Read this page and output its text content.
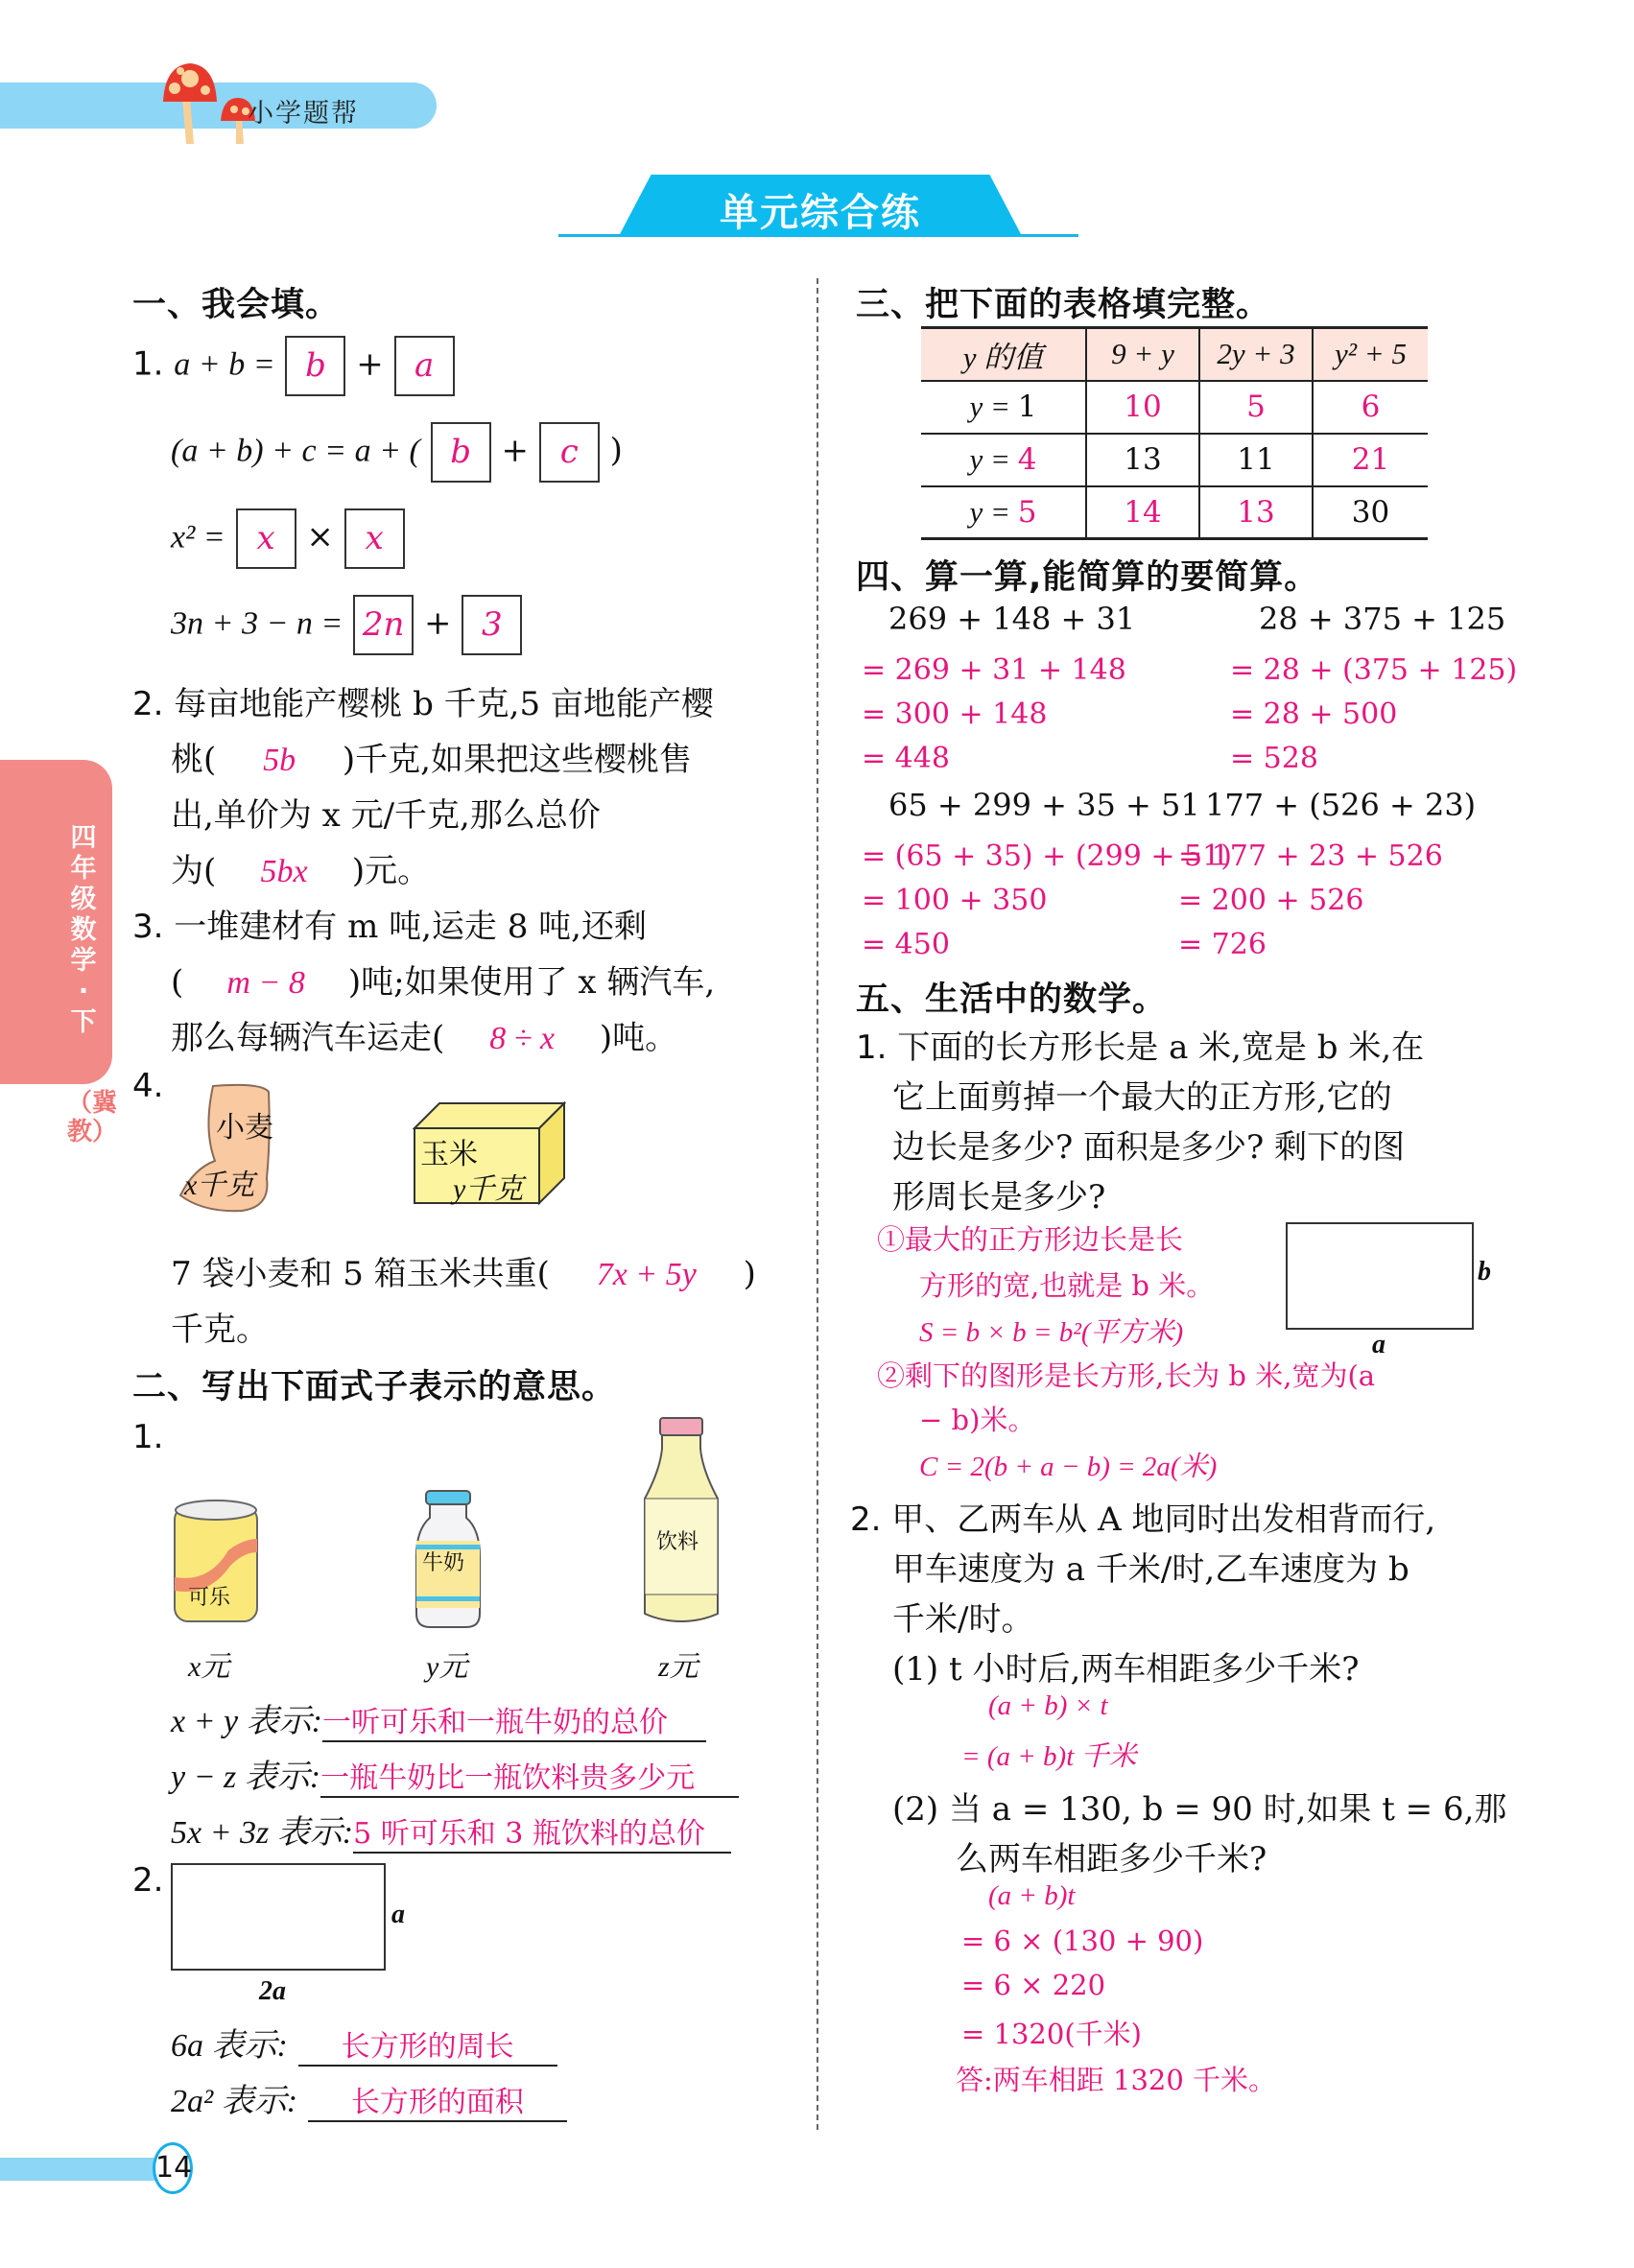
小学题帮
单元综合练
四年级数学·下
（冀教）
一、我会填。
1. a + b = b + a
(a + b) + c = a + ( b + c )
x² = x × x
3n + 3 − n = 2n + 3
2. 每亩地能产樱桃 b 千克,5 亩地能产樱
桃( 5b )千克,如果把这些樱桃售
出,单价为 x 元/千克,那么总价
为( 5bx )元。
3. 一堆建材有 m 吨,运走 8 吨,还剩
( m − 8 )吨;如果使用了 x 辆汽车,
那么每辆汽车运走( 8 ÷ x )吨。
4.
小麦
x千克
玉米
y千克
7 袋小麦和 5 箱玉米共重( 7x + 5y )
千克。
二、写出下面式子表示的意思。
1.
可乐
x元
牛奶
y元
饮料
z元
x + y 表示:一听可乐和一瓶牛奶的总价
y − z 表示:一瓶牛奶比一瓶饮料贵多少元
5x + 3z 表示:5 听可乐和 3 瓶饮料的总价
2.
a
2a
6a 表示: 长方形的周长
2a² 表示: 长方形的面积
三、把下面的表格填完整。
y 的值	9 + y	2y + 3	y² + 5
y = 1	10	5	6
y = 4	13	11	21
y = 5	14	13	30
四、算一算,能简算的要简算。
269 + 148 + 31
= 269 + 31 + 148
= 300 + 148
= 448
28 + 375 + 125
= 28 + (375 + 125)
= 28 + 500
= 528
65 + 299 + 35 + 51
= (65 + 35) + (299 + 51)
= 100 + 350
= 450
177 + (526 + 23)
= 177 + 23 + 526
= 200 + 526
= 726
五、生活中的数学。
1. 下面的长方形长是 a 米,宽是 b 米,在
它上面剪掉一个最大的正方形,它的
边长是多少? 面积是多少? 剩下的图
形周长是多少?
b
a
①最大的正方形边长是长
方形的宽,也就是 b 米。
S = b × b = b²(平方米)
②剩下的图形是长方形,长为 b 米,宽为(a
− b)米。
C = 2(b + a − b) = 2a(米)
2. 甲、乙两车从 A 地同时出发相背而行,
甲车速度为 a 千米/时,乙车速度为 b
千米/时。
(1) t 小时后,两车相距多少千米?
(a + b) × t
= (a + b)t 千米
(2) 当 a = 130, b = 90 时,如果 t = 6,那
么两车相距多少千米?
(a + b)t
= 6 × (130 + 90)
= 6 × 220
= 1320(千米)
答:两车相距 1320 千米。
14
